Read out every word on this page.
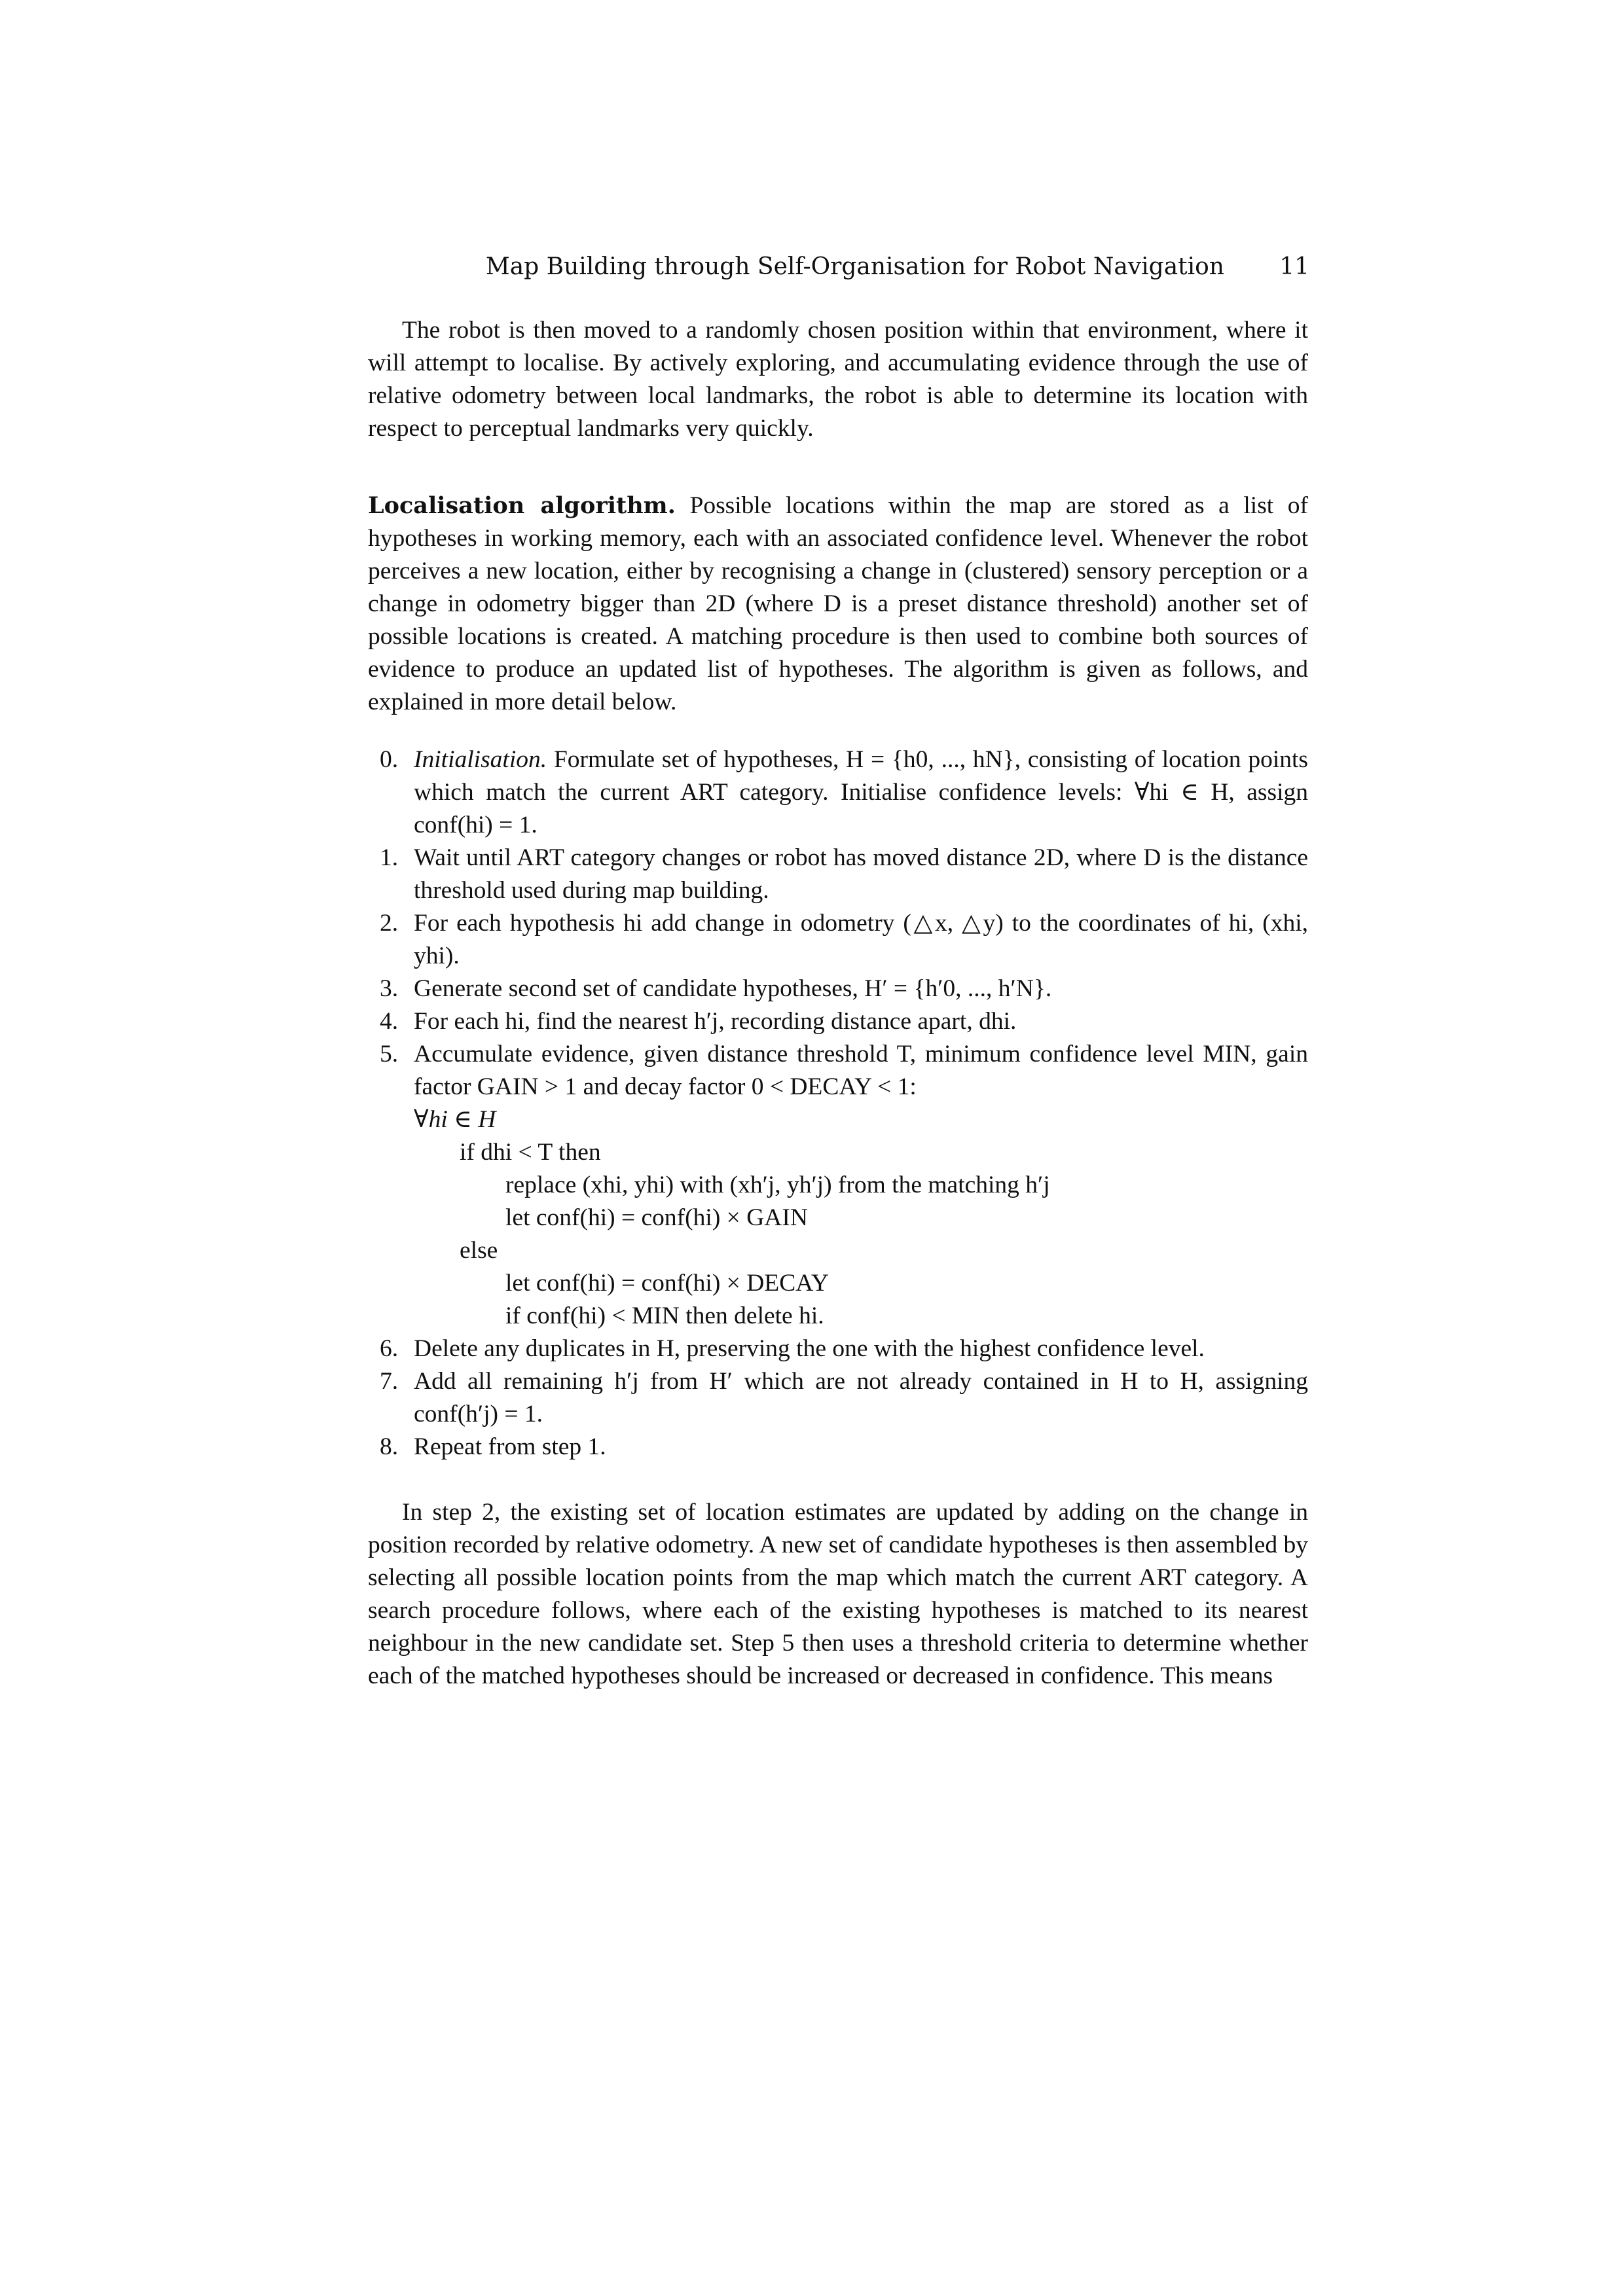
Map Building through Self-Organisation for Robot Navigation 11

The robot is then moved to a randomly chosen position within that environment, where it will attempt to localise. By actively exploring, and accumulating evidence through the use of relative odometry between local landmarks, the robot is able to determine its location with respect to perceptual landmarks very quickly.

Localisation algorithm. Possible locations within the map are stored as a list of hypotheses in working memory, each with an associated confidence level. Whenever the robot perceives a new location, either by recognising a change in (clustered) sensory perception or a change in odometry bigger than 2D (where D is a preset distance threshold) another set of possible locations is created. A matching procedure is then used to combine both sources of evidence to produce an updated list of hypotheses. The algorithm is given as follows, and explained in more detail below.

0. Initialisation. Formulate set of hypotheses, H = {h0, ..., hN}, consisting of location points which match the current ART category. Initialise confidence levels: ∀hi ∈ H, assign conf(hi) = 1.
1. Wait until ART category changes or robot has moved distance 2D, where D is the distance threshold used during map building.
2. For each hypothesis hi add change in odometry (△x, △y) to the coordinates of hi, (xhi, yhi).
3. Generate second set of candidate hypotheses, H′ = {h′0, ..., h′N}.
4. For each hi, find the nearest h′j, recording distance apart, dhi.
5. Accumulate evidence, given distance threshold T, minimum confidence level MIN, gain factor GAIN > 1 and decay factor 0 < DECAY < 1:
∀hi ∈ H
if dhi < T then
replace (xhi, yhi) with (xh′j, yh′j) from the matching h′j
let conf(hi) = conf(hi) × GAIN
else
let conf(hi) = conf(hi) × DECAY
if conf(hi) < MIN then delete hi.
6. Delete any duplicates in H, preserving the one with the highest confidence level.
7. Add all remaining h′j from H′ which are not already contained in H to H, assigning conf(h′j) = 1.
8. Repeat from step 1.

In step 2, the existing set of location estimates are updated by adding on the change in position recorded by relative odometry. A new set of candidate hypotheses is then assembled by selecting all possible location points from the map which match the current ART category. A search procedure follows, where each of the existing hypotheses is matched to its nearest neighbour in the new candidate set. Step 5 then uses a threshold criteria to determine whether each of the matched hypotheses should be increased or decreased in confidence. This means
